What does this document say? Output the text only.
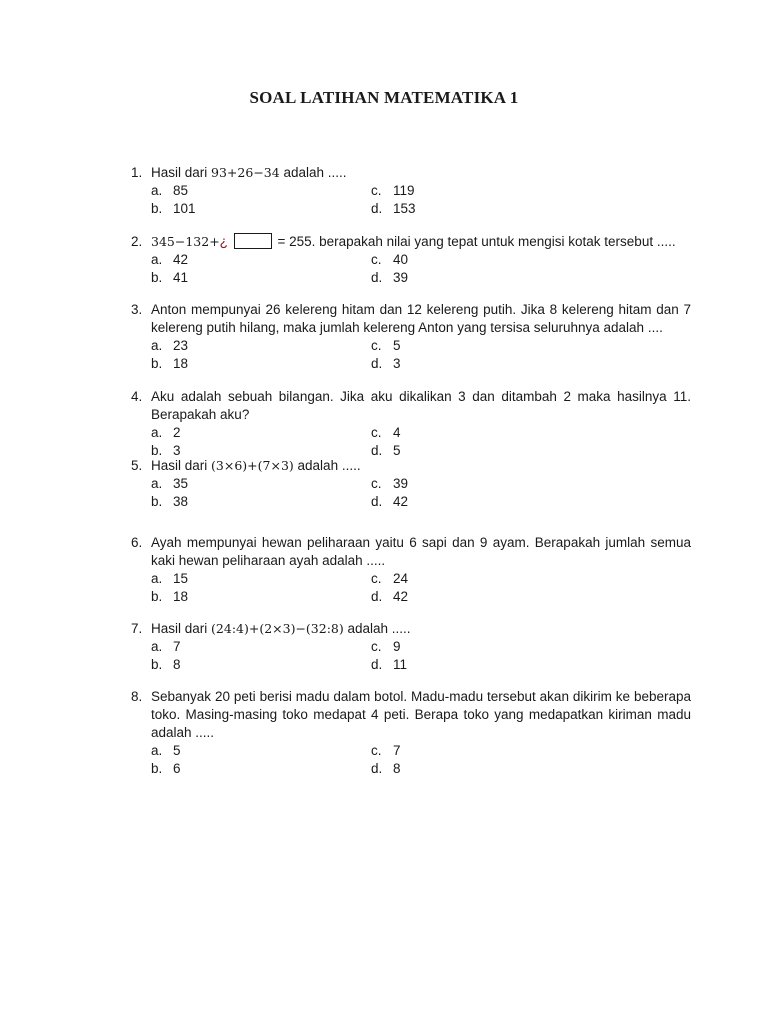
SOAL LATIHAN MATEMATIKA 1
1. Hasil dari 93+26−34 adalah .....
a. 85	c. 119
b. 101	d. 153
2. 345−132+¿	= 255. berapakah nilai yang tepat untuk mengisi kotak tersebut .....
a. 42	c. 40
b. 41	d. 39
3. Anton mempunyai 26 kelereng hitam dan 12 kelereng putih. Jika 8 kelereng hitam dan 7 kelereng putih hilang, maka jumlah kelereng Anton yang tersisa seluruhnya adalah ....
a. 23	c. 5
b. 18	d. 3
4. Aku adalah sebuah bilangan. Jika aku dikalikan 3 dan ditambah 2 maka hasilnya 11. Berapakah aku?
a. 2	c. 4
b. 3	d. 5
5. Hasil dari (3×6)+(7×3) adalah .....
a. 35	c. 39
b. 38	d. 42
6. Ayah mempunyai hewan peliharaan yaitu 6 sapi dan 9 ayam. Berapakah jumlah semua kaki hewan peliharaan ayah adalah .....
a. 15	c. 24
b. 18	d. 42
7. Hasil dari (24:4)+(2×3)−(32:8) adalah .....
a. 7	c. 9
b. 8	d. 11
8. Sebanyak 20 peti berisi madu dalam botol. Madu-madu tersebut akan dikirim ke beberapa toko. Masing-masing toko medapat 4 peti. Berapa toko yang medapatkan kiriman madu adalah .....
a. 5	c. 7
b. 6	d. 8
